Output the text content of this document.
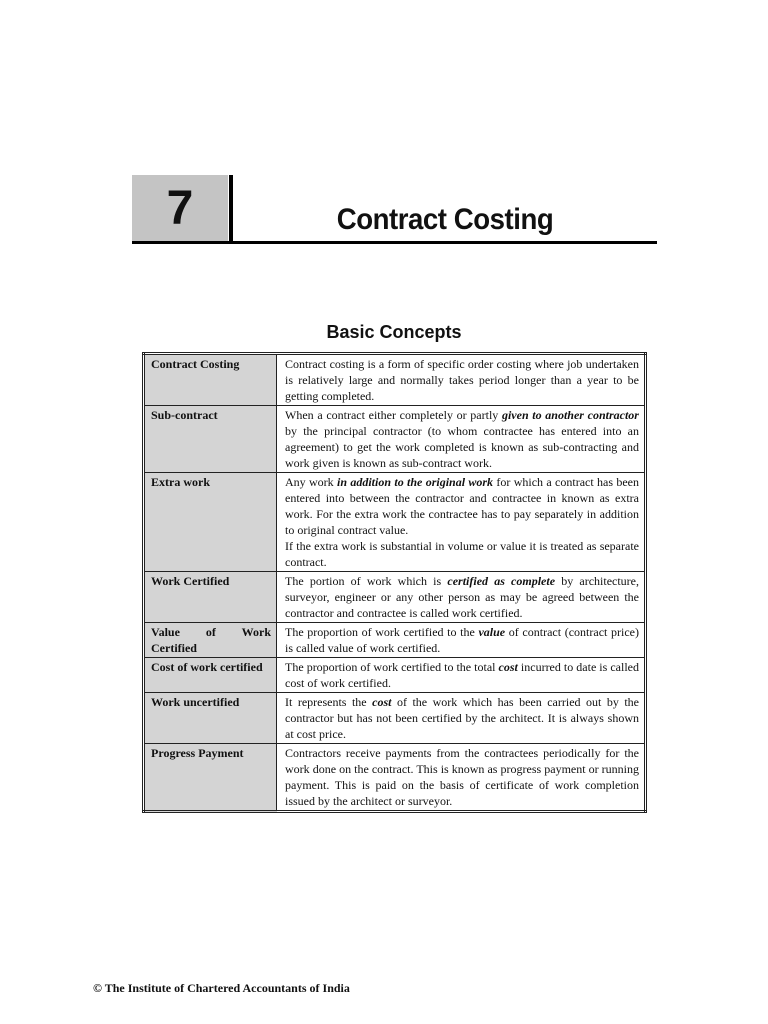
7	Contract Costing
Basic Concepts
Contract Costing	Contract costing is a form of specific order costing where job undertaken is relatively large and normally takes period longer than a year to be getting completed.
Sub-contract	When a contract either completely or partly given to another contractor by the principal contractor (to whom contractee has entered into an agreement) to get the work completed is known as sub-contracting and work given is known as sub-contract work.
Extra work	Any work in addition to the original work for which a contract has been entered into between the contractor and contractee in known as extra work. For the extra work the contractee has to pay separately in addition to original contract value.
If the extra work is substantial in volume or value it is treated as separate contract.
Work Certified	The portion of work which is certified as complete by architecture, surveyor, engineer or any other person as may be agreed between the contractor and contractee is called work certified.
Value of Work Certified	The proportion of work certified to the value of contract (contract price) is called value of work certified.
Cost of work certified	The proportion of work certified to the total cost incurred to date is called cost of work certified.
Work uncertified	It represents the cost of the work which has been carried out by the contractor but has not been certified by the architect. It is always shown at cost price.
Progress Payment	Contractors receive payments from the contractees periodically for the work done on the contract. This is known as progress payment or running payment. This is paid on the basis of certificate of work completion issued by the architect or surveyor.
© The Institute of Chartered Accountants of India
